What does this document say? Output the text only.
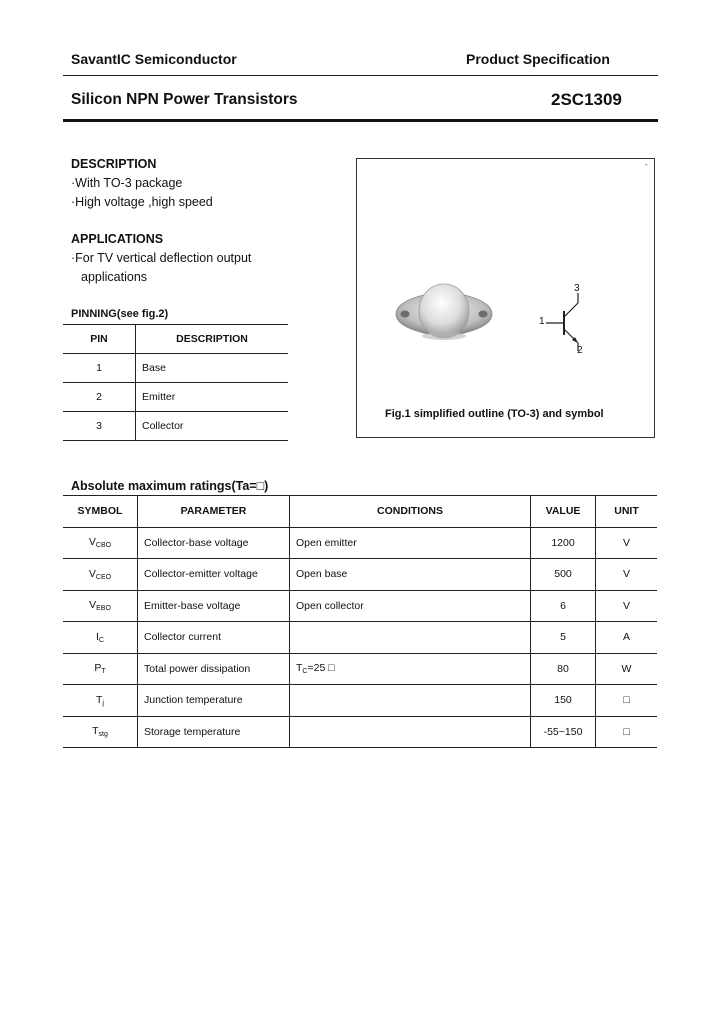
SavantIC Semiconductor	Product Specification
Silicon NPN Power Transistors	2SC1309
DESCRIPTION
·With TO-3 package
·High voltage ,high speed
APPLICATIONS
·For TV vertical deflection output
applications
PINNING(see fig.2)
PIN	DESCRIPTION
1	Base
2	Emitter
3	Collector
-
3
1
2
Fig.1 simplified outline (TO-3) and symbol
Absolute maximum ratings(Ta=□)
SYMBOL	PARAMETER	CONDITIONS	VALUE	UNIT
$V_{CBO}$	Collector-base voltage	Open emitter	1200	V
$V_{CEO}$	Collector-emitter voltage	Open base	500	V
$V_{EBO}$	Emitter-base voltage	Open collector	6	V
$I_C$	Collector current		5	A
$P_T$	Total power dissipation	$T_C=25$ □	80	W
$T_j$	Junction temperature		150	□
$T_{stg}$	Storage temperature		-55~150	□
